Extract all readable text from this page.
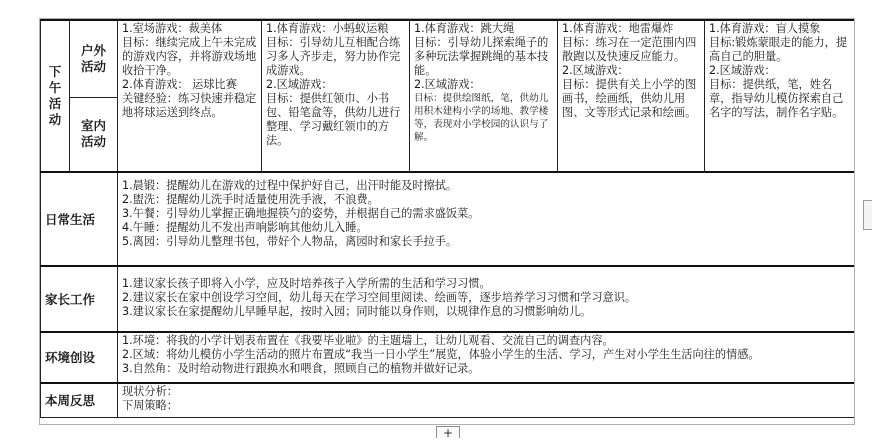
下午活动	户外活动	1.室场游戏：裁美体
目标：继续完成上午未完成的游戏内容，并将游戏场地收拾干净。
2.体育游戏： 运球比赛
关键经验：练习快速并稳定地将球运送到终点。	1.体育游戏：小蚂蚁运粮
目标：引导幼儿互相配合练习多人齐步走，努力协作完成游戏。
2.区域游戏：
目标：提供红领巾、小书包、铅笔盒等，供幼儿进行整理、学习戴红领巾的方法。	1.体育游戏：跳大绳
目标：引导幼儿探索绳子的多种玩法掌握跳绳的基本技能。
2.区域游戏：
目标：提供绘图纸，笔，供幼儿用积木建构小学的场地、教学楼等，表现对小学校园的认识与了解。	1.体育游戏：地雷爆炸
目标：练习在一定范围内四散跑以及快速反应能力。
2.区域游戏：
目标：提供有关上小学的图画书，绘画纸，供幼儿用图、文等形式记录和绘画。	1.体育游戏：盲人摸象
目标:锻炼蒙眼走的能力，提高自己的胆量。
2.区域游戏：
目标：提供纸，笔，姓名章，指导幼儿模仿探索自己名字的写法，制作名字贴。

	室内活动					
日常生活		1.晨锻：提醒幼儿在游戏的过程中保护好自己，出汗时能及时擦拭。
2.盥洗：提醒幼儿洗手时适量使用洗手液，不浪费。
3.午餐：引导幼儿掌握正确地握筷勺的姿势，并根据自己的需求盛饭菜。
4.午睡：提醒幼儿不发出声响影响其他幼儿入睡。
5.离园：引导幼儿整理书包，带好个人物品，离园时和家长手拉手。				

家长工作		1.建议家长孩子即将入小学，应及时培养孩子入学所需的生活和学习习惯。
2.建议家长在家中创设学习空间，幼儿每天在学习空间里阅读、绘画等，逐步培养学习习惯和学习意识。
3.建议家长在家提醒幼儿早睡早起，按时入园；同时能以身作则，以规律作息的习惯影响幼儿。				

环境创设		1.环境：将我的小学计划表布置在《我要毕业啦》的主题墙上，让幼儿观看、交流自己的调查内容。
2.区域：将幼儿模仿小学生活动的照片布置成“我当一日小学生”展览，体验小学生的生活、学习，产生对小学生生活向往的情感。
3.自然角：及时给动物进行跟换水和喂食，照顾自己的植物并做好记录。				

本周反思		现状分析：
下周策略：				
+
